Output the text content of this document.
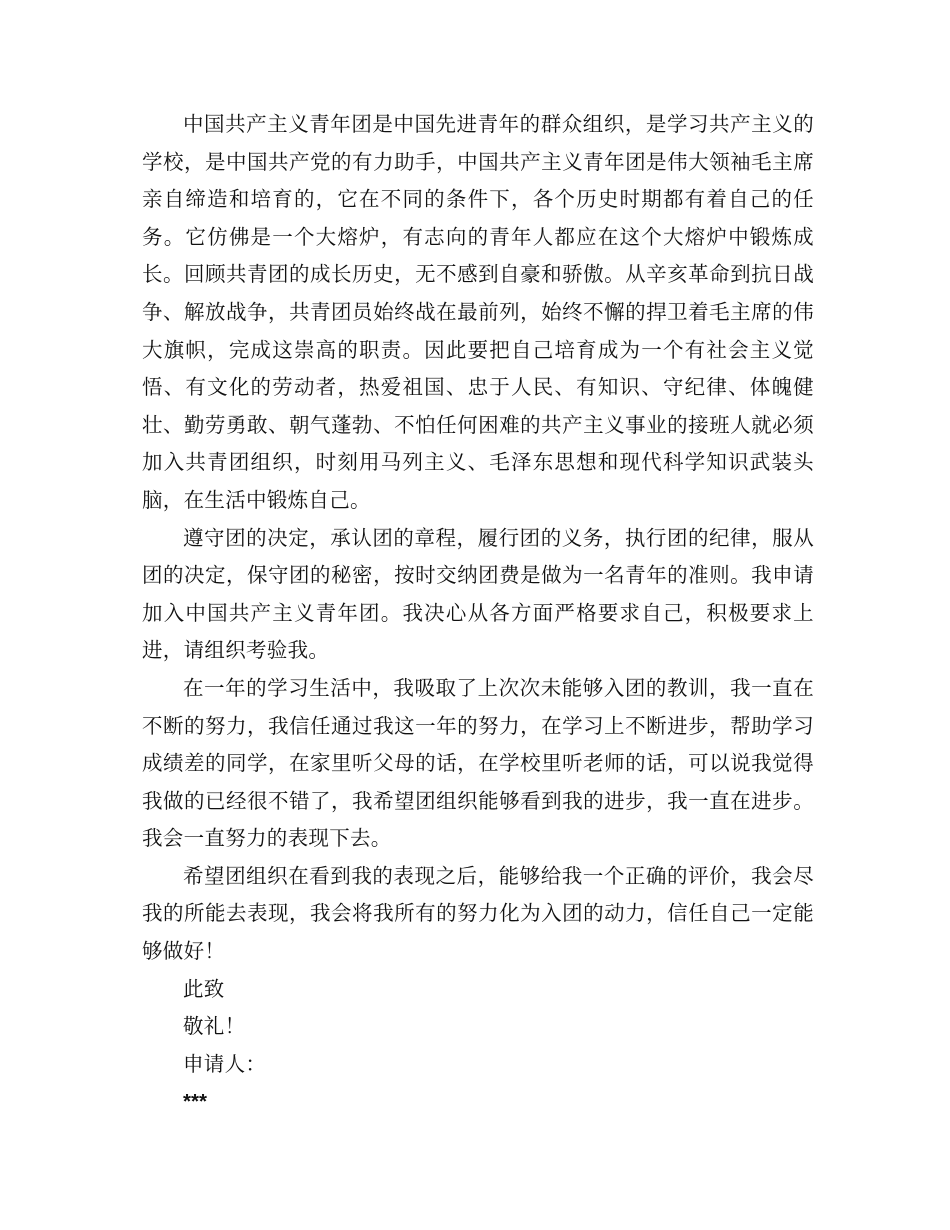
中国共产主义青年团是中国先进青年的群众组织，是学习共产主义的学校，是中国共产党的有力助手，中国共产主义青年团是伟大领袖毛主席亲自缔造和培育的，它在不同的条件下，各个历史时期都有着自己的任务。它仿佛是一个大熔炉，有志向的青年人都应在这个大熔炉中锻炼成长。回顾共青团的成长历史，无不感到自豪和骄傲。从辛亥革命到抗日战争、解放战争，共青团员始终战在最前列，始终不懈的捍卫着毛主席的伟大旗帜，完成这崇高的职责。因此要把自己培育成为一个有社会主义觉悟、有文化的劳动者，热爱祖国、忠于人民、有知识、守纪律、体魄健壮、勤劳勇敢、朝气蓬勃、不怕任何困难的共产主义事业的接班人就必须加入共青团组织，时刻用马列主义、毛泽东思想和现代科学知识武装头脑，在生活中锻炼自己。

遵守团的决定，承认团的章程，履行团的义务，执行团的纪律，服从团的决定，保守团的秘密，按时交纳团费是做为一名青年的准则。我申请加入中国共产主义青年团。我决心从各方面严格要求自己，积极要求上进，请组织考验我。

在一年的学习生活中，我吸取了上次次未能够入团的教训，我一直在不断的努力，我信任通过我这一年的努力，在学习上不断进步，帮助学习成绩差的同学，在家里听父母的话，在学校里听老师的话，可以说我觉得我做的已经很不错了，我希望团组织能够看到我的进步，我一直在进步。我会一直努力的表现下去。

希望团组织在看到我的表现之后，能够给我一个正确的评价，我会尽我的所能去表现，我会将我所有的努力化为入团的动力，信任自己一定能够做好！

此致

敬礼！

申请人：

***
